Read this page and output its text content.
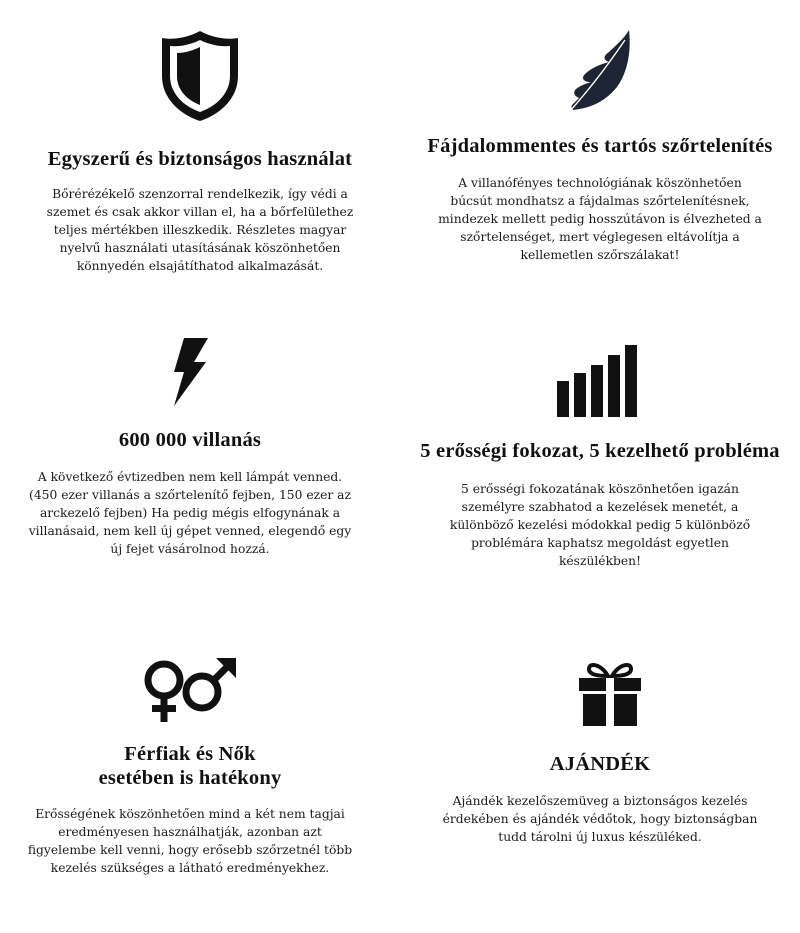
Egyszerű és biztonságos használat

Bőrérézékelő szenzorral rendelkezik, így védi a
szemet és csak akkor villan el, ha a bőrfelülethez
teljes mértékben illeszkedik. Részletes magyar
nyelvű használati utasításának köszönhetően
könnyedén elsajátíthatod alkalmazását.

Fájdalommentes és tartós szőrtelenítés

A villanófényes technológiának köszönhetően
búcsút mondhatsz a fájdalmas szőrtelenítésnek,
mindezek mellett pedig hosszútávon is élvezheted a
szőrtelenséget, mert véglegesen eltávolítja a
kellemetlen szőrszálakat!

600 000 villanás

A következő évtizedben nem kell lámpát venned.
(450 ezer villanás a szőrtelenítő fejben, 150 ezer az
arckezelő fejben) Ha pedig mégis elfogynának a
villanásaid, nem kell új gépet venned, elegendő egy
új fejet vásárolnod hozzá.

5 erősségi fokozat, 5 kezelhető probléma

5 erősségi fokozatának köszönhetően igazán
személyre szabhatod a kezelések menetét, a
különböző kezelési módokkal pedig 5 különböző
problémára kaphatsz megoldást egyetlen
készülékben!

Férfiak és Nők
esetében is hatékony

Erősségének köszönhetően mind a két nem tagjai
eredményesen használhatják, azonban azt
figyelembe kell venni, hogy erősebb szőrzetnél több
kezelés szükséges a látható eredményekhez.

AJÁNDÉK

Ajándék kezelőszemüveg a biztonságos kezelés
érdekében és ajándék védőtok, hogy biztonságban
tudd tárolni új luxus készüléked.
